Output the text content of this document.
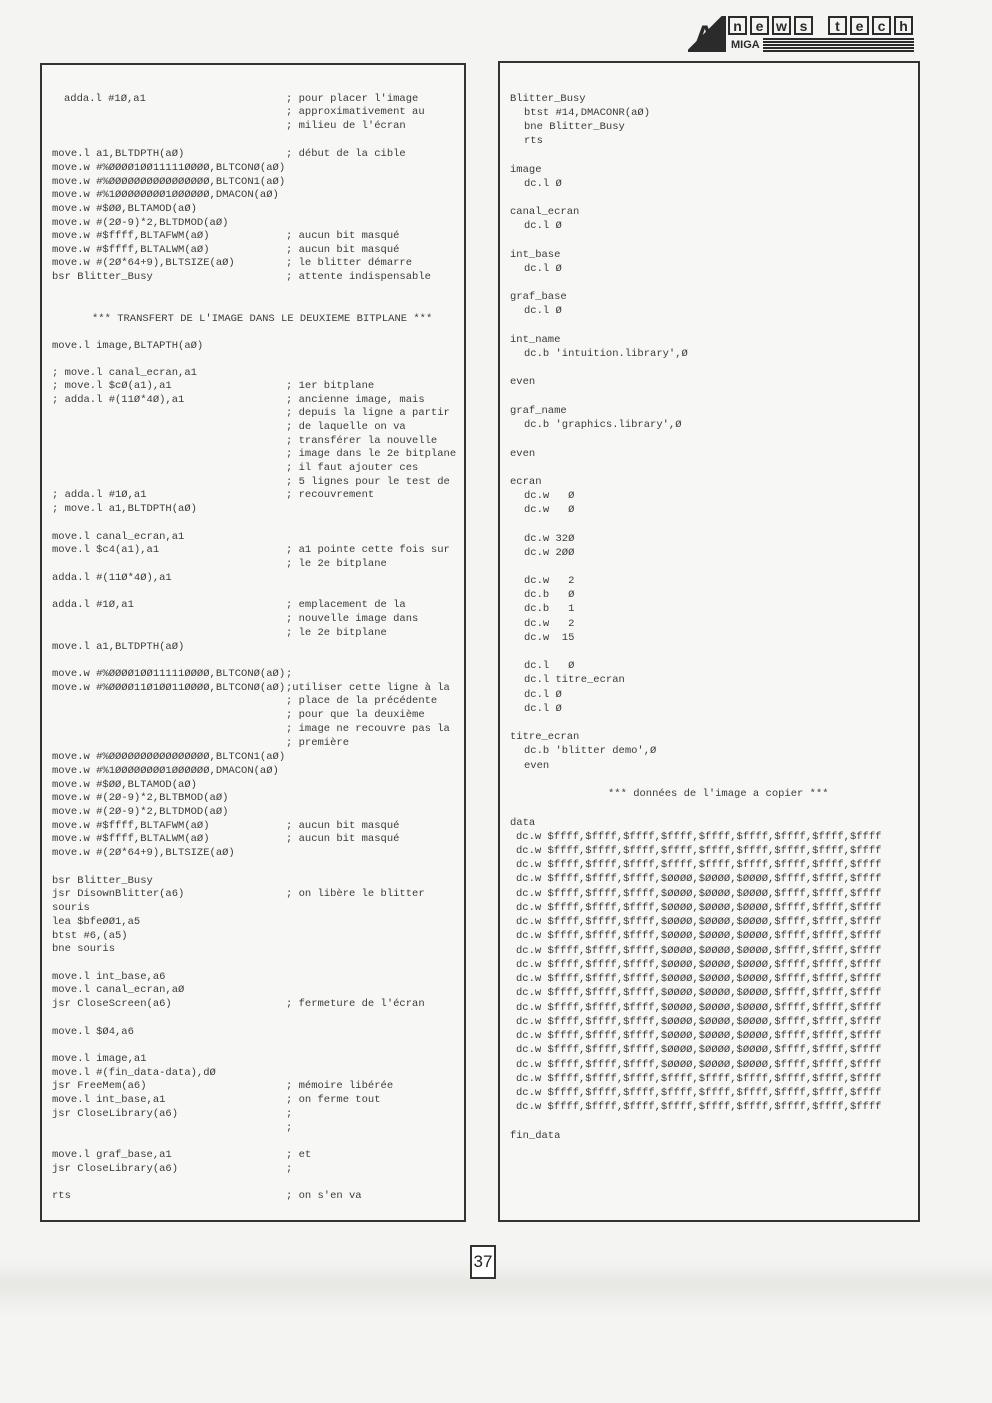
A	n e w s	t	e	c h
MIGA
adda.l #1Ø,a1	; pour placer l'image
; approximativement au
; milieu de l'écran
move.l a1,BLTDPTH(aØ)	; début de la cible
move.w #%ØØØØ1ØØ11111ØØØØ,BLTCONØ(aØ)
move.w #%ØØØØØØØØØØØØØØØØ,BLTCON1(aØ)
move.w #%1ØØØØØØØØ1ØØØØØØ,DMACON(aØ)
move.w #$ØØ,BLTAMOD(aØ)
move.w #(2Ø-9)*2,BLTDMOD(aØ)
move.w #$ffff,BLTAFWM(aØ)	; aucun bit masqué
move.w #$ffff,BLTALWM(aØ)	; aucun bit masqué
move.w #(2Ø*64+9),BLTSIZE(aØ)	; le blitter démarre
bsr Blitter_Busy	; attente indispensable
*** TRANSFERT DE L'IMAGE DANS LE DEUXIEME BITPLANE ***
move.l image,BLTAPTH(aØ)
; move.l canal_ecran,a1
; move.l $cØ(a1),a1	; 1er bitplane
; adda.l #(11Ø*4Ø),a1	; ancienne image, mais
; depuis la ligne a partir
; de laquelle on va
; transférer la nouvelle
; image dans le 2e bitplane
; il faut ajouter ces
; 5 lignes pour le test de
; adda.l #1Ø,a1	; recouvrement
; move.l a1,BLTDPTH(aØ)
move.l canal_ecran,a1
move.l $c4(a1),a1	; a1 pointe cette fois sur
; le 2e bitplane
adda.l #(11Ø*4Ø),a1
adda.l #1Ø,a1	; emplacement de la
; nouvelle image dans
; le 2e bitplane
move.l a1,BLTDPTH(aØ)
move.w #%ØØØØ1ØØ11111ØØØØ,BLTCONØ(aØ) ;
move.w #%ØØØØ11Ø1ØØ11ØØØØ,BLTCONØ(aØ) ;utiliser cette ligne à la
; place de la précédente
; pour que la deuxième
; image ne recouvre pas la
; première
move.w #%ØØØØØØØØØØØØØØØØ,BLTCON1(aØ)
move.w #%1ØØØØØØØØ1ØØØØØØ,DMACON(aØ)
move.w #$ØØ,BLTAMOD(aØ)
move.w #(2Ø-9)*2,BLTBMOD(aØ)
move.w #(2Ø-9)*2,BLTDMOD(aØ)
move.w #$ffff,BLTAFWM(aØ)	; aucun bit masqué
move.w #$ffff,BLTALWM(aØ)	; aucun bit masqué
move.w #(2Ø*64+9),BLTSIZE(aØ)
bsr Blitter_Busy
jsr DisownBlitter(a6)	; on libère le blitter
souris
lea $bfeØØ1,a5
btst #6,(a5)
bne souris
move.l int_base,a6
move.l canal_ecran,aØ
jsr CloseScreen(a6)	; fermeture de l'écran
move.l $Ø4,a6
move.l image,a1
move.l #(fin_data-data),dØ
jsr FreeMem(a6)	; mémoire libérée
move.l int_base,a1	; on ferme tout
jsr CloseLibrary(a6)	;
;
move.l graf_base,a1	; et
jsr CloseLibrary(a6)	;
rts	; on s'en va
Blitter_Busy
btst #14,DMACONR(aØ)
bne Blitter_Busy
rts
image
dc.l Ø
canal_ecran
dc.l Ø
int_base
dc.l Ø
graf_base
dc.l Ø
int_name
dc.b 'intuition.library',Ø
even
graf_name
dc.b 'graphics.library',Ø
even
ecran
dc.w   Ø
dc.w   Ø
dc.w 32Ø
dc.w 2ØØ
dc.w   2
dc.b   Ø
dc.b   1
dc.w   2
dc.w  15
dc.l   Ø
dc.l titre_ecran
dc.l Ø
dc.l Ø
titre_ecran
dc.b 'blitter demo',Ø
even
*** données de l'image a copier ***
data
dc.w $ffff,$ffff,$ffff,$ffff,$ffff,$ffff,$ffff,$ffff,$ffff
dc.w $ffff,$ffff,$ffff,$ffff,$ffff,$ffff,$ffff,$ffff,$ffff
dc.w $ffff,$ffff,$ffff,$ffff,$ffff,$ffff,$ffff,$ffff,$ffff
dc.w $ffff,$ffff,$ffff,$ØØØØ,$ØØØØ,$ØØØØ,$ffff,$ffff,$ffff
dc.w $ffff,$ffff,$ffff,$ØØØØ,$ØØØØ,$ØØØØ,$ffff,$ffff,$ffff
dc.w $ffff,$ffff,$ffff,$ØØØØ,$ØØØØ,$ØØØØ,$ffff,$ffff,$ffff
dc.w $ffff,$ffff,$ffff,$ØØØØ,$ØØØØ,$ØØØØ,$ffff,$ffff,$ffff
dc.w $ffff,$ffff,$ffff,$ØØØØ,$ØØØØ,$ØØØØ,$ffff,$ffff,$ffff
dc.w $ffff,$ffff,$ffff,$ØØØØ,$ØØØØ,$ØØØØ,$ffff,$ffff,$ffff
dc.w $ffff,$ffff,$ffff,$ØØØØ,$ØØØØ,$ØØØØ,$ffff,$ffff,$ffff
dc.w $ffff,$ffff,$ffff,$ØØØØ,$ØØØØ,$ØØØØ,$ffff,$ffff,$ffff
dc.w $ffff,$ffff,$ffff,$ØØØØ,$ØØØØ,$ØØØØ,$ffff,$ffff,$ffff
dc.w $ffff,$ffff,$ffff,$ØØØØ,$ØØØØ,$ØØØØ,$ffff,$ffff,$ffff
dc.w $ffff,$ffff,$ffff,$ØØØØ,$ØØØØ,$ØØØØ,$ffff,$ffff,$ffff
dc.w $ffff,$ffff,$ffff,$ØØØØ,$ØØØØ,$ØØØØ,$ffff,$ffff,$ffff
dc.w $ffff,$ffff,$ffff,$ØØØØ,$ØØØØ,$ØØØØ,$ffff,$ffff,$ffff
dc.w $ffff,$ffff,$ffff,$ØØØØ,$ØØØØ,$ØØØØ,$ffff,$ffff,$ffff
dc.w $ffff,$ffff,$ffff,$ffff,$ffff,$ffff,$ffff,$ffff,$ffff
dc.w $ffff,$ffff,$ffff,$ffff,$ffff,$ffff,$ffff,$ffff,$ffff
dc.w $ffff,$ffff,$ffff,$ffff,$ffff,$ffff,$ffff,$ffff,$ffff
fin_data
37
